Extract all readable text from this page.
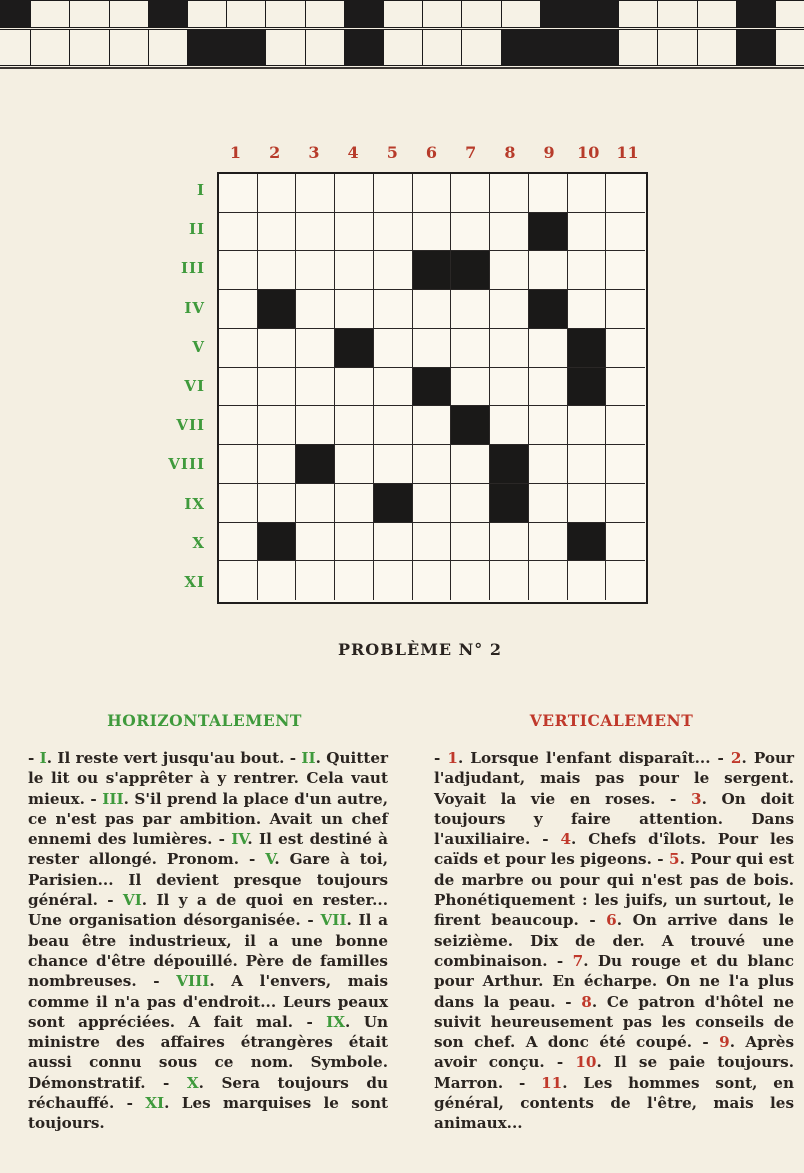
1	2	3	4	5	6	7	8	9	10	11
I
II
III
IV
V
VI
VII
VIII
IX
X
XI
PROBLÈME N° 2
HORIZONTALEMENT	VERTICALEMENT
- I. Il reste vert jusqu'au bout. - II. Quitter le lit ou s'apprêter à y rentrer. Cela vaut mieux. - III. S'il prend la place d'un autre, ce n'est pas par ambition. Avait un chef ennemi des lumières. - IV. Il est destiné à rester allongé. Pronom. - V. Gare à toi, Parisien... Il devient presque toujours général. - VI. Il y a de quoi en rester... Une organisation désorganisée. - VII. Il a beau être industrieux, il a une bonne chance d'être dépouillé. Père de familles nombreuses. - VIII. A l'envers, mais comme il n'a pas d'endroit... Leurs peaux sont appréciées. A fait mal. - IX. Un ministre des affaires étrangères était aussi connu sous ce nom. Symbole. Démonstratif. - X. Sera toujours du réchauffé. - XI. Les marquises le sont toujours.
- 1. Lorsque l'enfant disparaît... - 2. Pour l'adjudant, mais pas pour le sergent. Voyait la vie en roses. - 3. On doit toujours y faire attention. Dans l'auxiliaire. - 4. Chefs d'îlots. Pour les caïds et pour les pigeons. - 5. Pour qui est de marbre ou pour qui n'est pas de bois. Phonétiquement : les juifs, un surtout, le firent beaucoup. - 6. On arrive dans le seizième. Dix de der. A trouvé une combinaison. - 7. Du rouge et du blanc pour Arthur. En écharpe. On ne l'a plus dans la peau. - 8. Ce patron d'hôtel ne suivit heureusement pas les conseils de son chef. A donc été coupé. - 9. Après avoir conçu. - 10. Il se paie toujours. Marron. - 11. Les hommes sont, en général, contents de l'être, mais les animaux...
